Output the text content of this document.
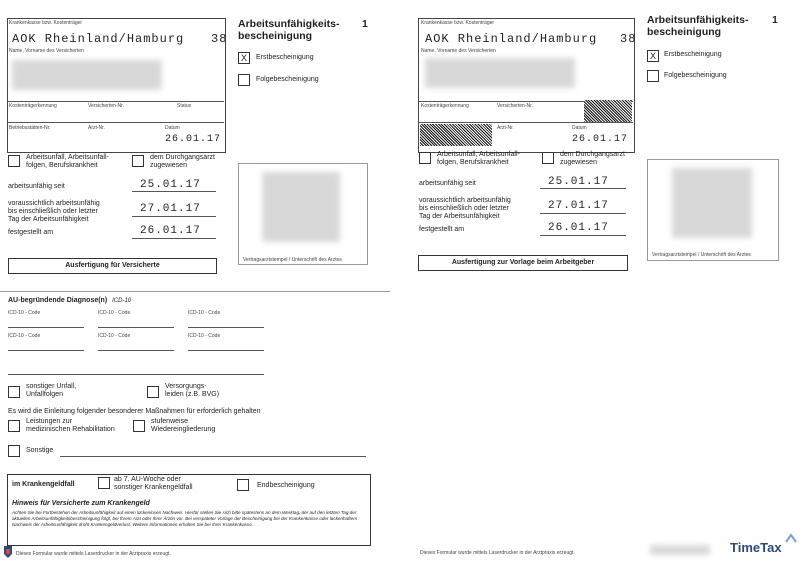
Krankenkasse bzw. Kostenträger
AOK Rheinland/Hamburg 38
Name, Vorname des Versicherten
Kostenträgerkennung	Versicherten-Nr.	Status
Betriebsstätten-Nr.	Arzt-Nr.	Datum
26.01.17
Arbeitsunfähigkeits-
bescheinigung
1
X	Erstbescheinigung
Folgebescheinigung
Arbeitsunfall, Arbeitsunfall-
folgen, Berufskrankheit
dem Durchgangsarzt
zugewiesen
arbeitsunfähig seit	25.01.17
voraussichtlich arbeitsunfähig
bis einschließlich oder letzter
Tag der Arbeitsunfähigkeit
27.01.17
festgestellt am	26.01.17
Vertragsarztstempel / Unterschrift des Arztes
Ausfertigung für Versicherte
AU-begründende Diagnose(n) ICD-10
ICD-10 - Code	ICD-10 - Code	ICD-10 - Code
ICD-10 - Code	ICD-10 - Code	ICD-10 - Code
sonstiger Unfall,
Unfallfolgen
Versorgungs-
leiden (z.B. BVG)
Es wird die Einleitung folgender besonderer Maßnahmen für erforderlich gehalten
Leistungen zur
medizinischen Rehabilitation
stufenweise
Wiedereingliederung
Sonstige
im Krankengeldfall
ab 7. AU-Woche oder
sonstiger Krankengeldfall	Endbescheinigung
Hinweis für Versicherte zum Krankengeld
Achten Sie bei Fortbestehen der Arbeitsunfähigkeit auf einen lückenlosen Nachweis. Hierfür stellen Sie sich bitte spätestens an dem Werktag, der auf den letzten Tag der aktuellen Arbeitsunfähigkeitsbescheinigung folgt, bei Ihrem Arzt oder Ihrer Ärztin vor. Bei verspäteter Vorlage der Bescheinigung bei der Krankenkasse oder lückenhaftem Nachweis der Arbeitsunfähigkeit droht Krankengeldverlust. Weitere Informationen erhalten Sie bei Ihrer Krankenkasse.
Dieses Formular wurde mittels Laserdrucker in der Arztpraxis erzeugt.
Krankenkasse bzw. Kostenträger
AOK Rheinland/Hamburg 38
Name, Vorname des Versicherten
Kostenträgerkennung	Versicherten-Nr.
Arzt-Nr.	Datum
26.01.17
Arbeitsunfähigkeits-
bescheinigung
1
X	Erstbescheinigung
Folgebescheinigung
Arbeitsunfall, Arbeitsunfall-
folgen, Berufskrankheit
dem Durchgangsarzt
zugewiesen
arbeitsunfähig seit	25.01.17
voraussichtlich arbeitsunfähig
bis einschließlich oder letzter
Tag der Arbeitsunfähigkeit
27.01.17
festgestellt am	26.01.17
Vertragsarztstempel / Unterschrift des Arztes
Ausfertigung zur Vorlage beim Arbeitgeber
Dieses Formular wurde mittels Laserdrucker in der Arztpraxis erzeugt.	TimeTax
